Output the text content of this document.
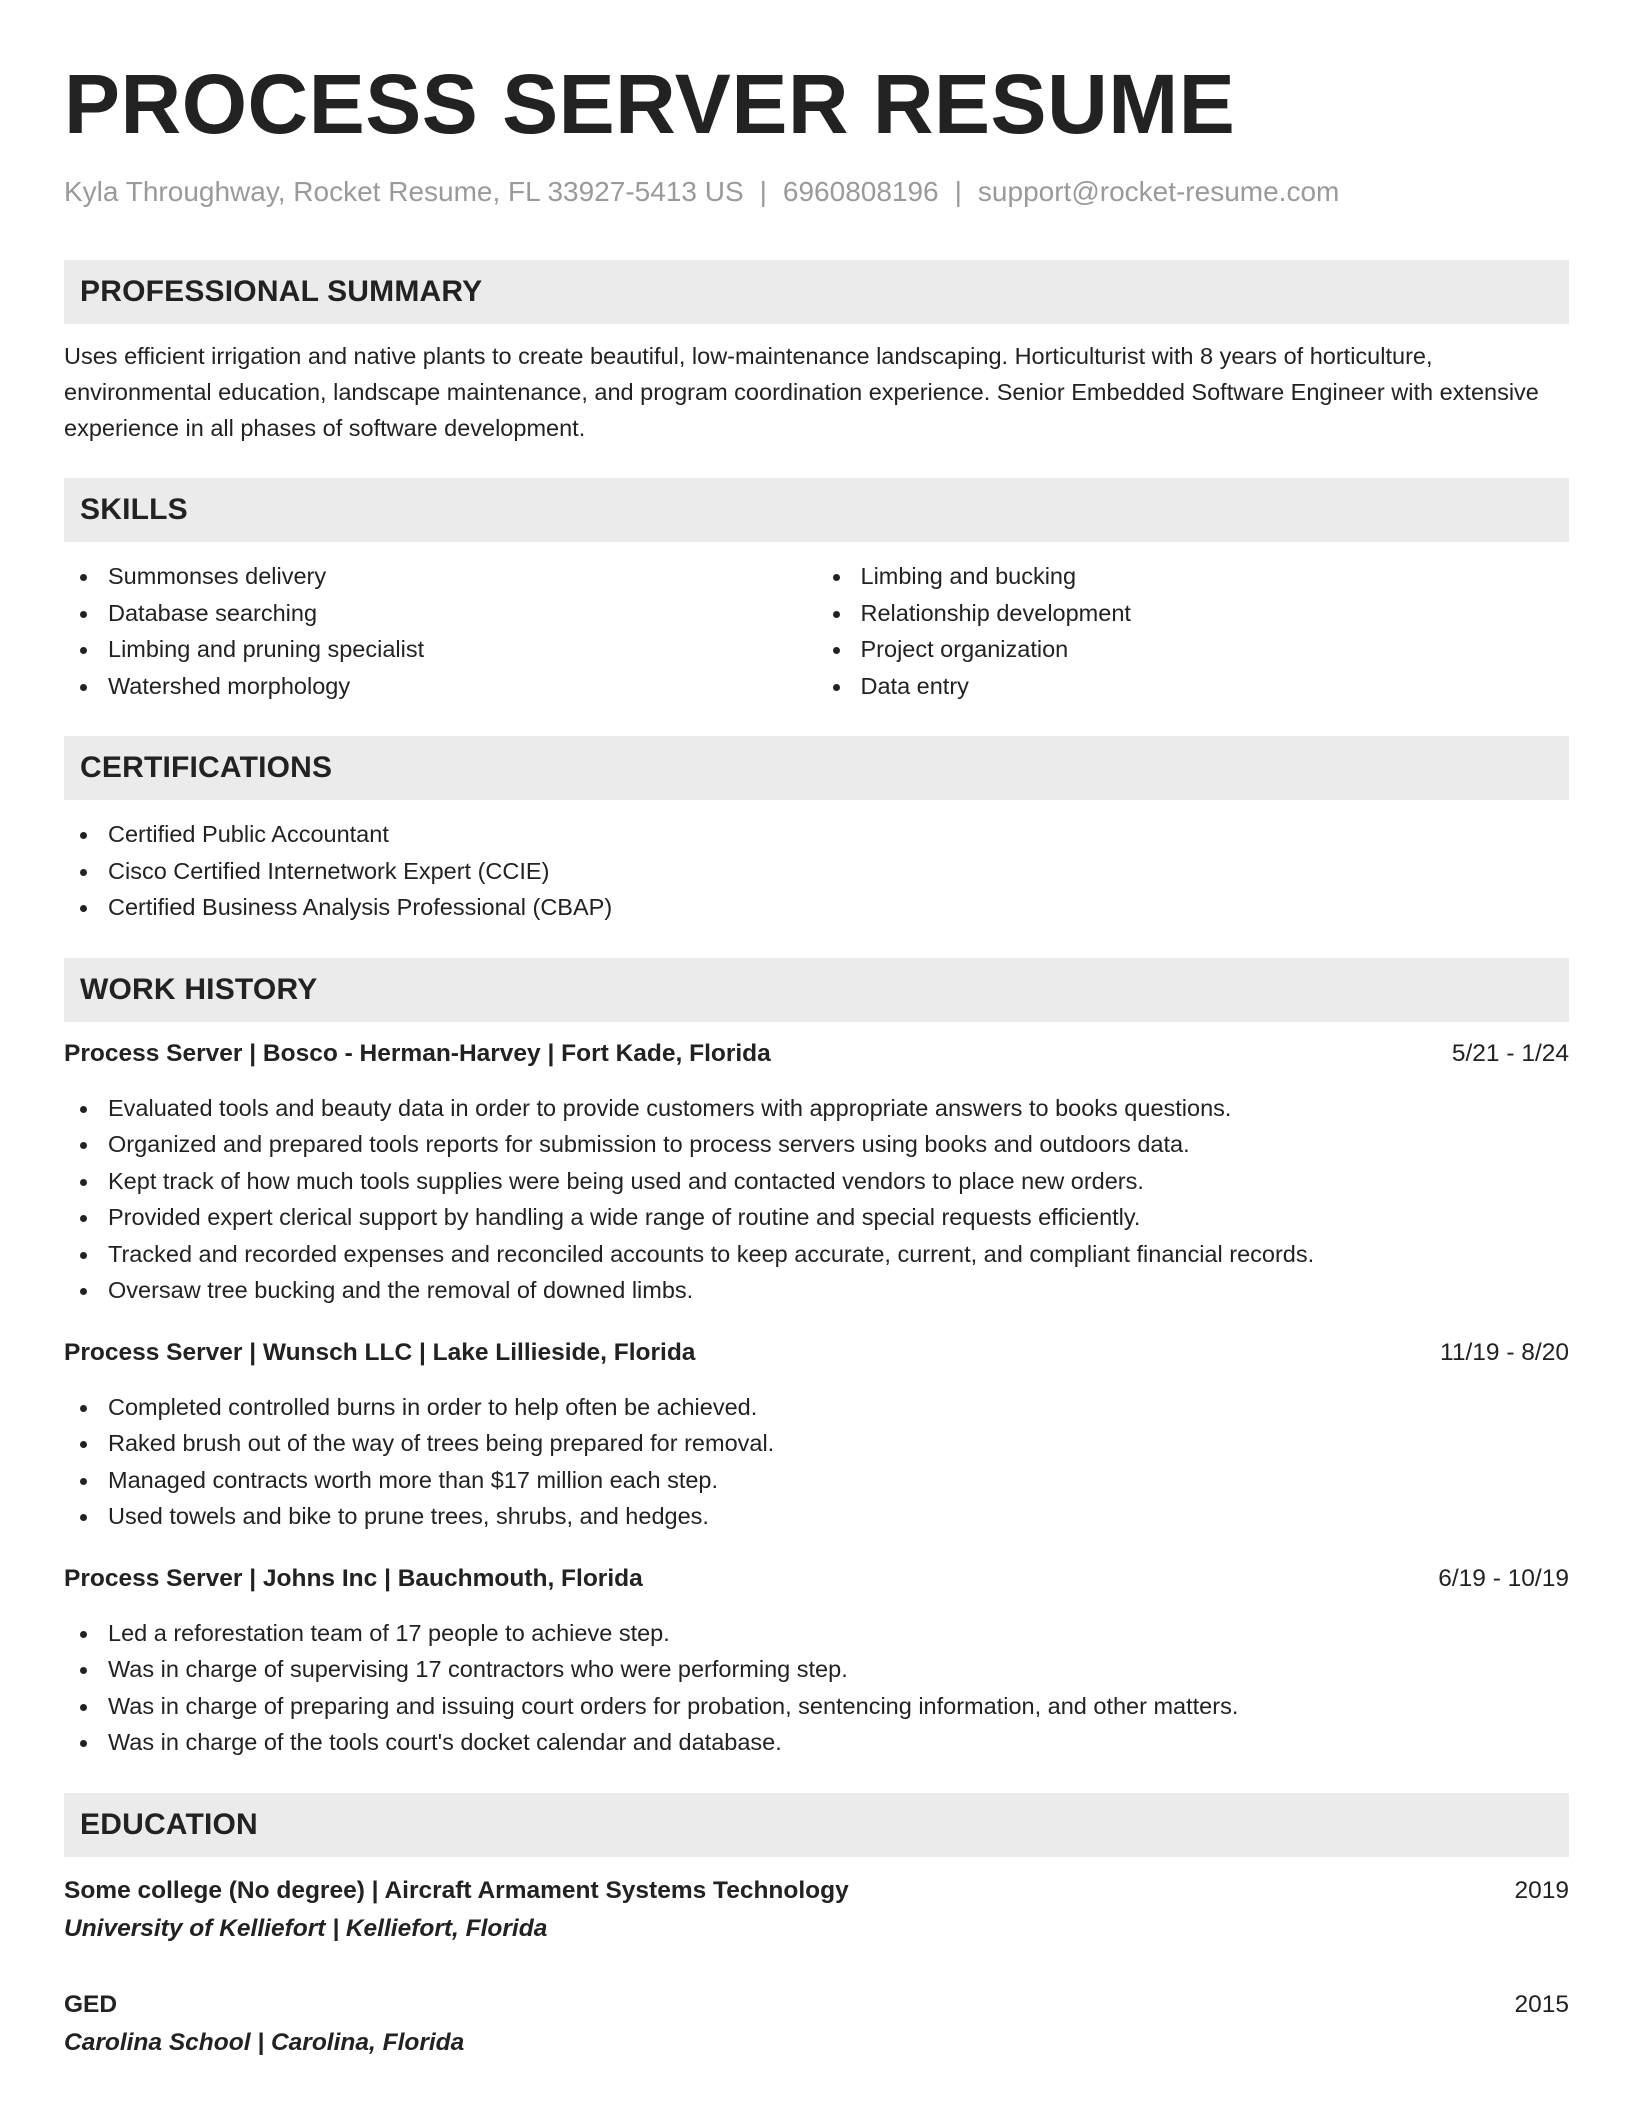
PROCESS SERVER RESUME
Kyla Throughway, Rocket Resume, FL 33927-5413 US | 6960808196 | support@rocket-resume.com
PROFESSIONAL SUMMARY
Uses efficient irrigation and native plants to create beautiful, low-maintenance landscaping. Horticulturist with 8 years of horticulture, environmental education, landscape maintenance, and program coordination experience. Senior Embedded Software Engineer with extensive experience in all phases of software development.
SKILLS
Summonses delivery
Database searching
Limbing and pruning specialist
Watershed morphology
Limbing and bucking
Relationship development
Project organization
Data entry
CERTIFICATIONS
Certified Public Accountant
Cisco Certified Internetwork Expert (CCIE)
Certified Business Analysis Professional (CBAP)
WORK HISTORY
Process Server | Bosco - Herman-Harvey | Fort Kade, Florida	5/21 - 1/24
Evaluated tools and beauty data in order to provide customers with appropriate answers to books questions.
Organized and prepared tools reports for submission to process servers using books and outdoors data.
Kept track of how much tools supplies were being used and contacted vendors to place new orders.
Provided expert clerical support by handling a wide range of routine and special requests efficiently.
Tracked and recorded expenses and reconciled accounts to keep accurate, current, and compliant financial records.
Oversaw tree bucking and the removal of downed limbs.
Process Server | Wunsch LLC | Lake Lillieside, Florida	11/19 - 8/20
Completed controlled burns in order to help often be achieved.
Raked brush out of the way of trees being prepared for removal.
Managed contracts worth more than $17 million each step.
Used towels and bike to prune trees, shrubs, and hedges.
Process Server | Johns Inc | Bauchmouth, Florida	6/19 - 10/19
Led a reforestation team of 17 people to achieve step.
Was in charge of supervising 17 contractors who were performing step.
Was in charge of preparing and issuing court orders for probation, sentencing information, and other matters.
Was in charge of the tools court's docket calendar and database.
EDUCATION
Some college (No degree) | Aircraft Armament Systems Technology	2019
University of Kelliefort | Kelliefort, Florida
GED	2015
Carolina School | Carolina, Florida
